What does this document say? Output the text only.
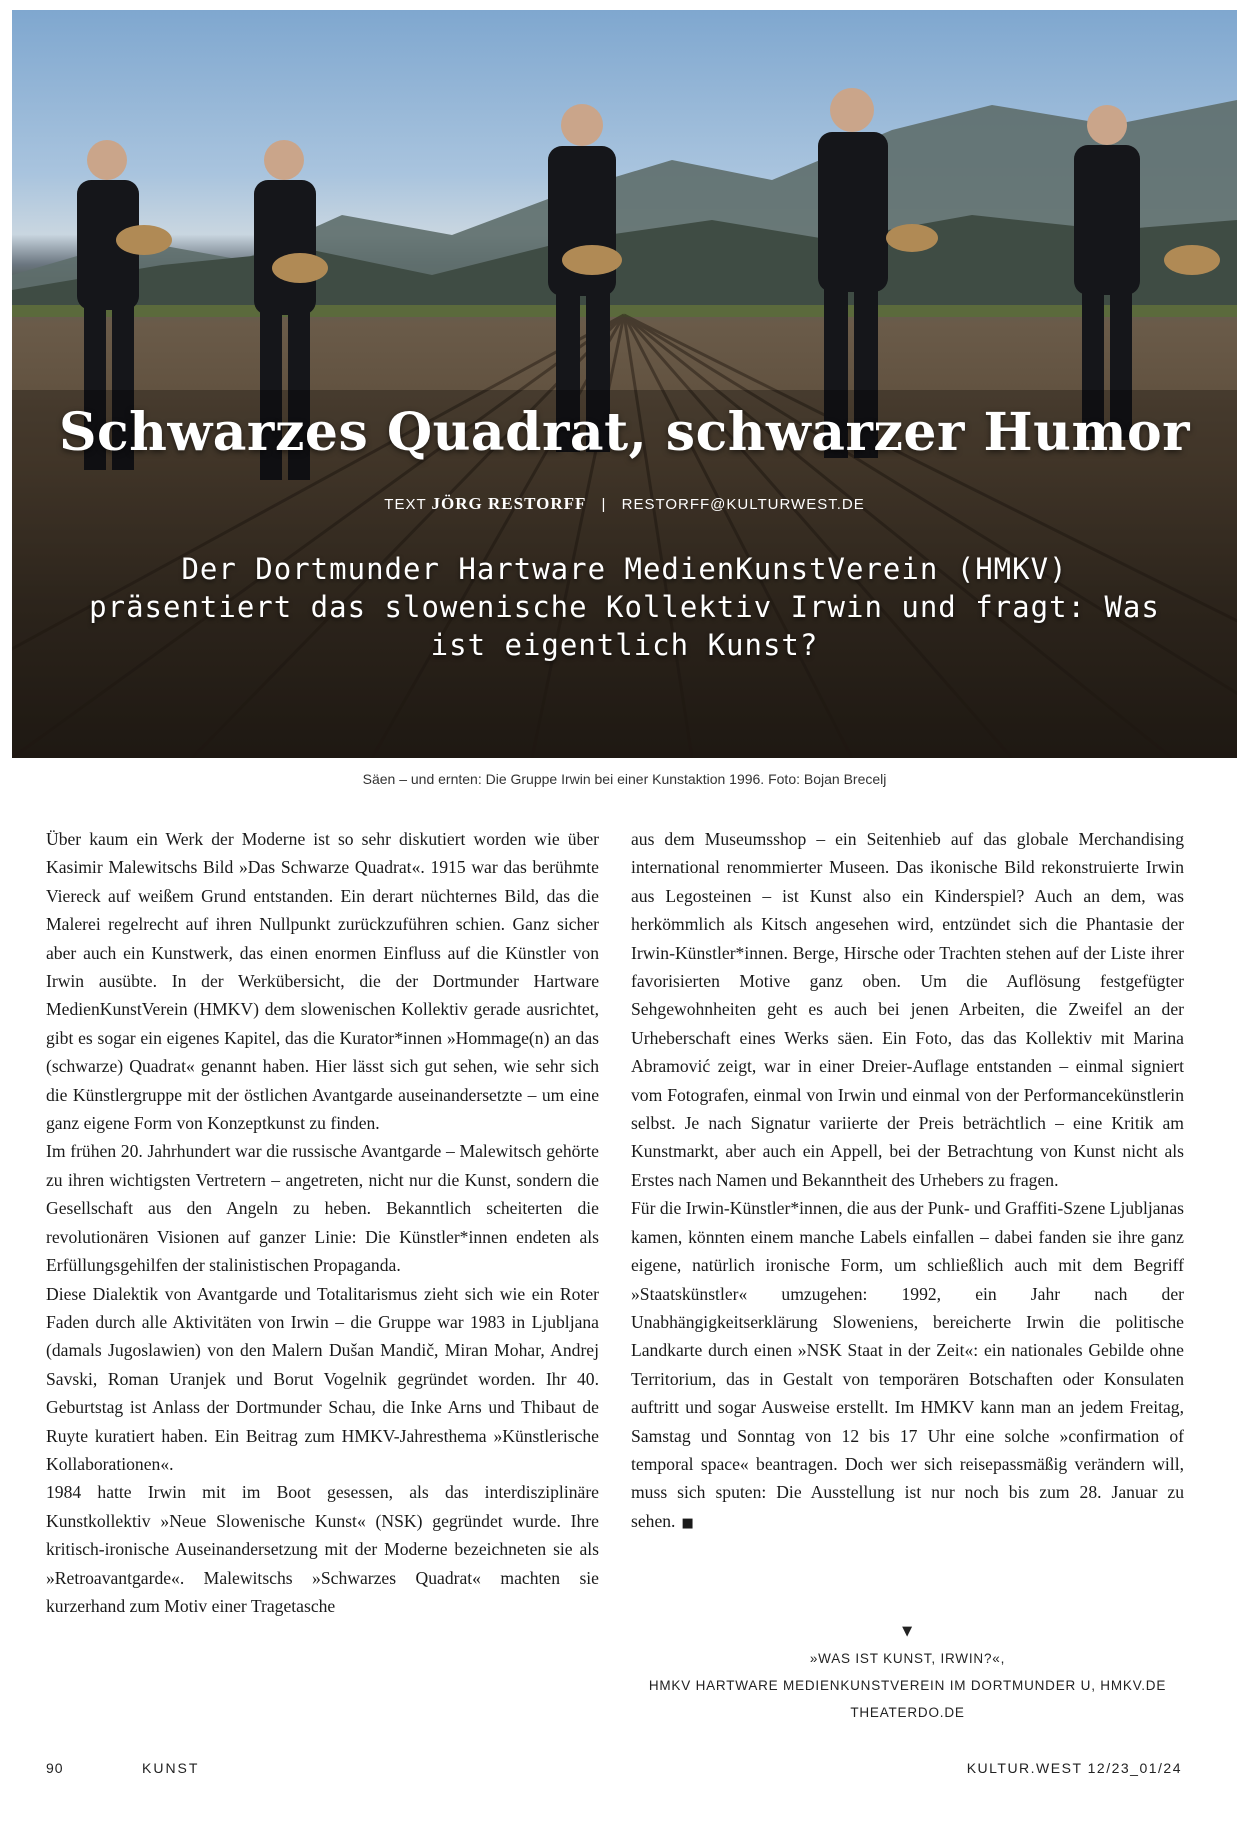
Schwarzes Quadrat, schwarzer Humor
TEXT JÖRG RESTORFF | RESTORFF@KULTURWEST.DE

Der Dortmunder Hartware MedienKunstVerein (HMKV) präsentiert das slowenische Kollektiv Irwin und fragt: Was ist eigentlich Kunst?

Säen – und ernten: Die Gruppe Irwin bei einer Kunstaktion 1996. Foto: Bojan Brecelj

Über kaum ein Werk der Moderne ist so sehr diskutiert worden wie über Kasimir Malewitschs Bild »Das Schwarze Quadrat«. 1915 war das berühmte Viereck auf weißem Grund entstanden. Ein derart nüchternes Bild, das die Malerei regelrecht auf ihren Nullpunkt zurückzuführen schien. Ganz sicher aber auch ein Kunstwerk, das einen enormen Einfluss auf die Künstler von Irwin ausübte. In der Werkübersicht, die der Dortmunder Hartware MedienKunstVerein (HMKV) dem slowenischen Kollektiv gerade ausrichtet, gibt es sogar ein eigenes Kapitel, das die Kurator*innen »Hommage(n) an das (schwarze) Quadrat« genannt haben. Hier lässt sich gut sehen, wie sehr sich die Künstlergruppe mit der östlichen Avantgarde auseinandersetzte – um eine ganz eigene Form von Konzeptkunst zu finden.

Im frühen 20. Jahrhundert war die russische Avantgarde – Malewitsch gehörte zu ihren wichtigsten Vertretern – angetreten, nicht nur die Kunst, sondern die Gesellschaft aus den Angeln zu heben. Bekanntlich scheiterten die revolutionären Visionen auf ganzer Linie: Die Künstler*innen endeten als Erfüllungsgehilfen der stalinistischen Propaganda.

Diese Dialektik von Avantgarde und Totalitarismus zieht sich wie ein Roter Faden durch alle Aktivitäten von Irwin – die Gruppe war 1983 in Ljubljana (damals Jugoslawien) von den Malern Dušan Mandič, Miran Mohar, Andrej Savski, Roman Uranjek und Borut Vogelnik gegründet worden. Ihr 40. Geburtstag ist Anlass der Dortmunder Schau, die Inke Arns und Thibaut de Ruyte kuratiert haben. Ein Beitrag zum HMKV-Jahresthema »Künstlerische Kollaborationen«.

1984 hatte Irwin mit im Boot gesessen, als das interdisziplinäre Kunstkollektiv »Neue Slowenische Kunst« (NSK) gegründet wurde. Ihre kritisch-ironische Auseinandersetzung mit der Moderne bezeichneten sie als »Retroavantgarde«. Malewitschs »Schwarzes Quadrat« machten sie kurzerhand zum Motiv einer Tragetasche

aus dem Museumsshop – ein Seitenhieb auf das globale Merchandising international renommierter Museen. Das ikonische Bild rekonstruierte Irwin aus Legosteinen – ist Kunst also ein Kinderspiel? Auch an dem, was herkömmlich als Kitsch angesehen wird, entzündet sich die Phantasie der Irwin-Künstler*innen. Berge, Hirsche oder Trachten stehen auf der Liste ihrer favorisierten Motive ganz oben. Um die Auflösung festgefügter Sehgewohnheiten geht es auch bei jenen Arbeiten, die Zweifel an der Urheberschaft eines Werks säen. Ein Foto, das das Kollektiv mit Marina Abramović zeigt, war in einer Dreier-Auflage entstanden – einmal signiert vom Fotografen, einmal von Irwin und einmal von der Performancekünstlerin selbst. Je nach Signatur variierte der Preis beträchtlich – eine Kritik am Kunstmarkt, aber auch ein Appell, bei der Betrachtung von Kunst nicht als Erstes nach Namen und Bekanntheit des Urhebers zu fragen.

Für die Irwin-Künstler*innen, die aus der Punk- und Graffiti-Szene Ljubljanas kamen, könnten einem manche Labels einfallen – dabei fanden sie ihre ganz eigene, natürlich ironische Form, um schließlich auch mit dem Begriff »Staatskünstler« umzugehen: 1992, ein Jahr nach der Unabhängigkeitserklärung Sloweniens, bereicherte Irwin die politische Landkarte durch einen »NSK Staat in der Zeit«: ein nationales Gebilde ohne Territorium, das in Gestalt von temporären Botschaften oder Konsulaten auftritt und sogar Ausweise erstellt. Im HMKV kann man an jedem Freitag, Samstag und Sonntag von 12 bis 17 Uhr eine solche »confirmation of temporal space« beantragen. Doch wer sich reisepassmäßig verändern will, muss sich sputen: Die Ausstellung ist nur noch bis zum 28. Januar zu sehen. ■

▼
»WAS IST KUNST, IRWIN?«,
HMKV HARTWARE MEDIENKUNSTVEREIN IM DORTMUNDER U, HMKV.DE
THEATERDO.DE
90	KUNST	KULTUR.WEST 12/23_01/24
